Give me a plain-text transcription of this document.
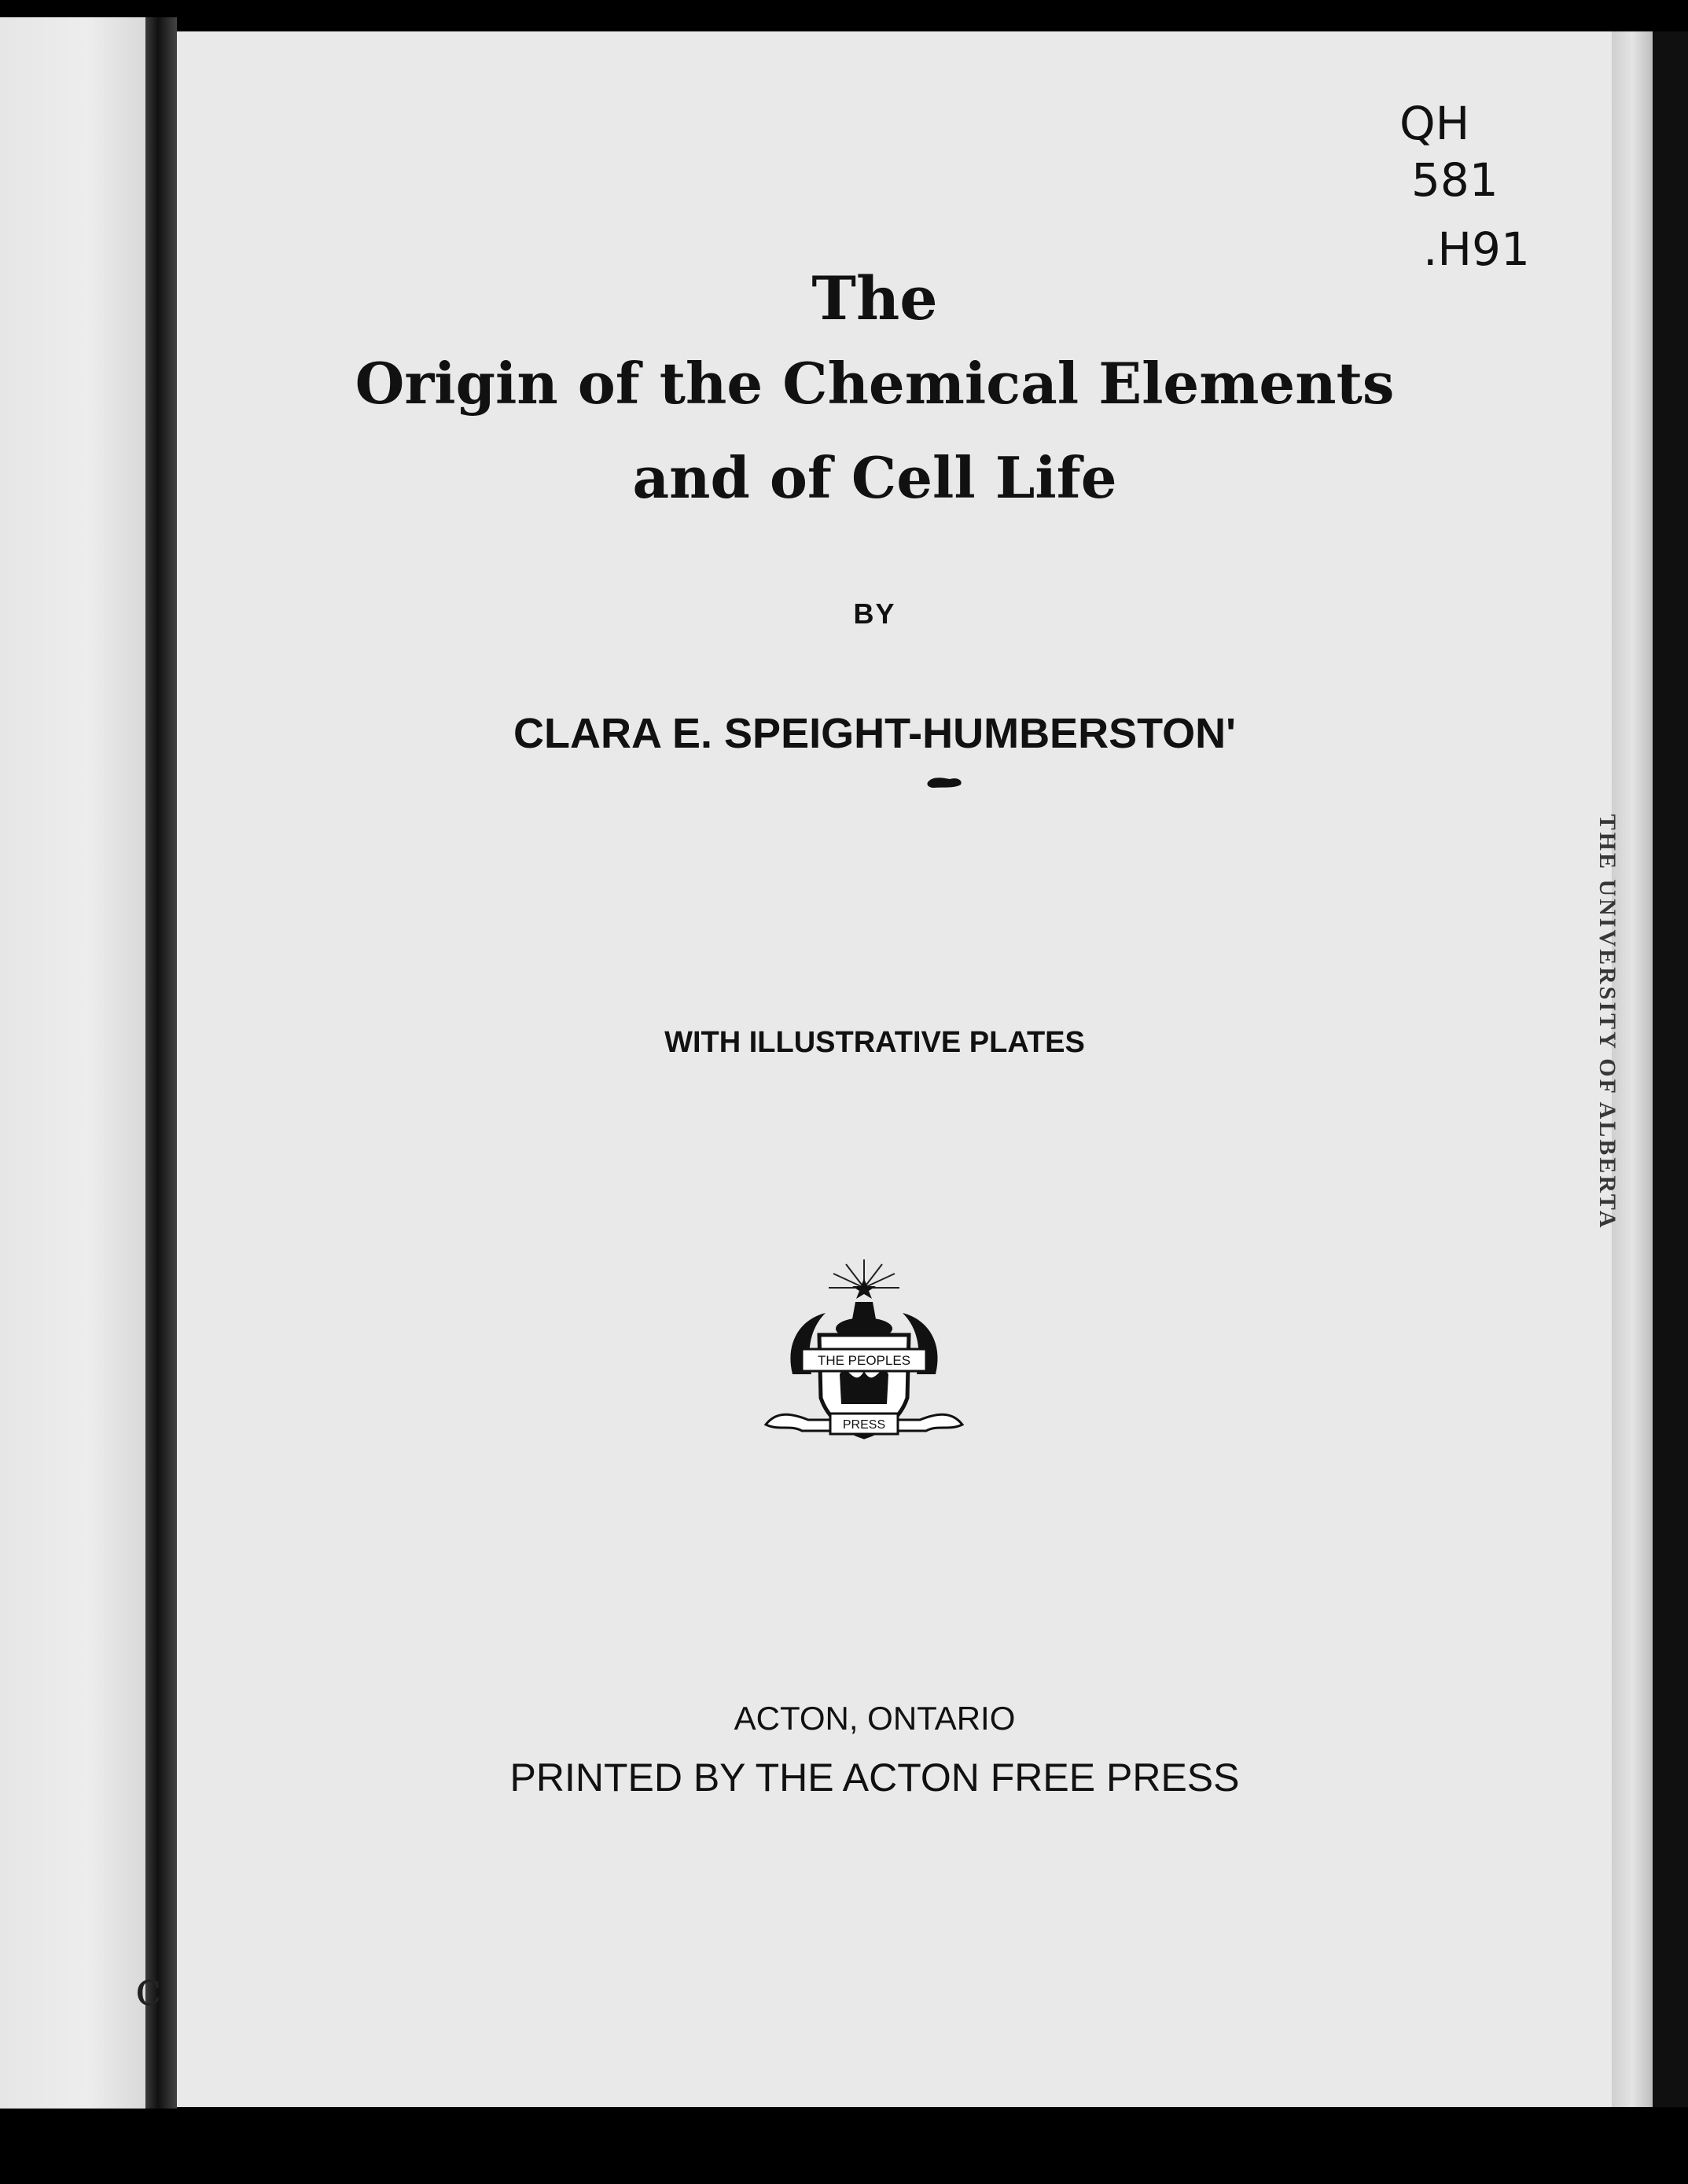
THE UNIVERSITY OF ALBERTA
QH
581
.H91
The
Origin of the Chemical Elements
and of Cell Life
BY
CLARA E. SPEIGHT-HUMBERSTON'
WITH ILLUSTRATIVE PLATES
THE PEOPLES
PRESS
ACTON, ONTARIO
PRINTED BY THE ACTON FREE PRESS
c
